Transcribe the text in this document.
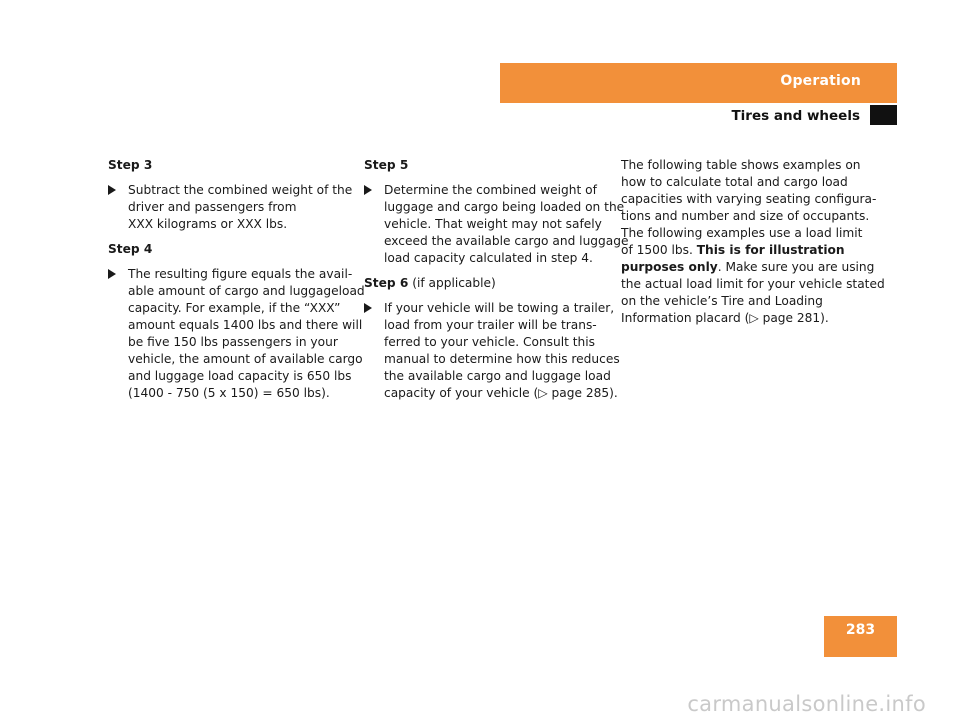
Operation
Tires and wheels

Step 3

Subtract the combined weight of the
driver and passengers from
XXX kilograms or XXX lbs.

Step 4

The resulting figure equals the avail-
able amount of cargo and luggageload
capacity. For example, if the “XXX”
amount equals 1400 lbs and there will
be five 150 lbs passengers in your
vehicle, the amount of available cargo
and luggage load capacity is 650 lbs
(1400 - 750 (5 x 150) = 650 lbs).

Step 5

Determine the combined weight of
luggage and cargo being loaded on the
vehicle. That weight may not safely
exceed the available cargo and luggage
load capacity calculated in step 4.

Step 6 (if applicable)

If your vehicle will be towing a trailer,
load from your trailer will be trans-
ferred to your vehicle. Consult this
manual to determine how this reduces
the available cargo and luggage load
capacity of your vehicle (▷ page 285).
The following table shows examples on
how to calculate total and cargo load
capacities with varying seating configura-
tions and number and size of occupants.
The following examples use a load limit
of 1500 lbs. This is for illustration
purposes only. Make sure you are using
the actual load limit for your vehicle stated
on the vehicle’s Tire and Loading
Information placard (▷ page 281).
283
carmanualsonline.info
